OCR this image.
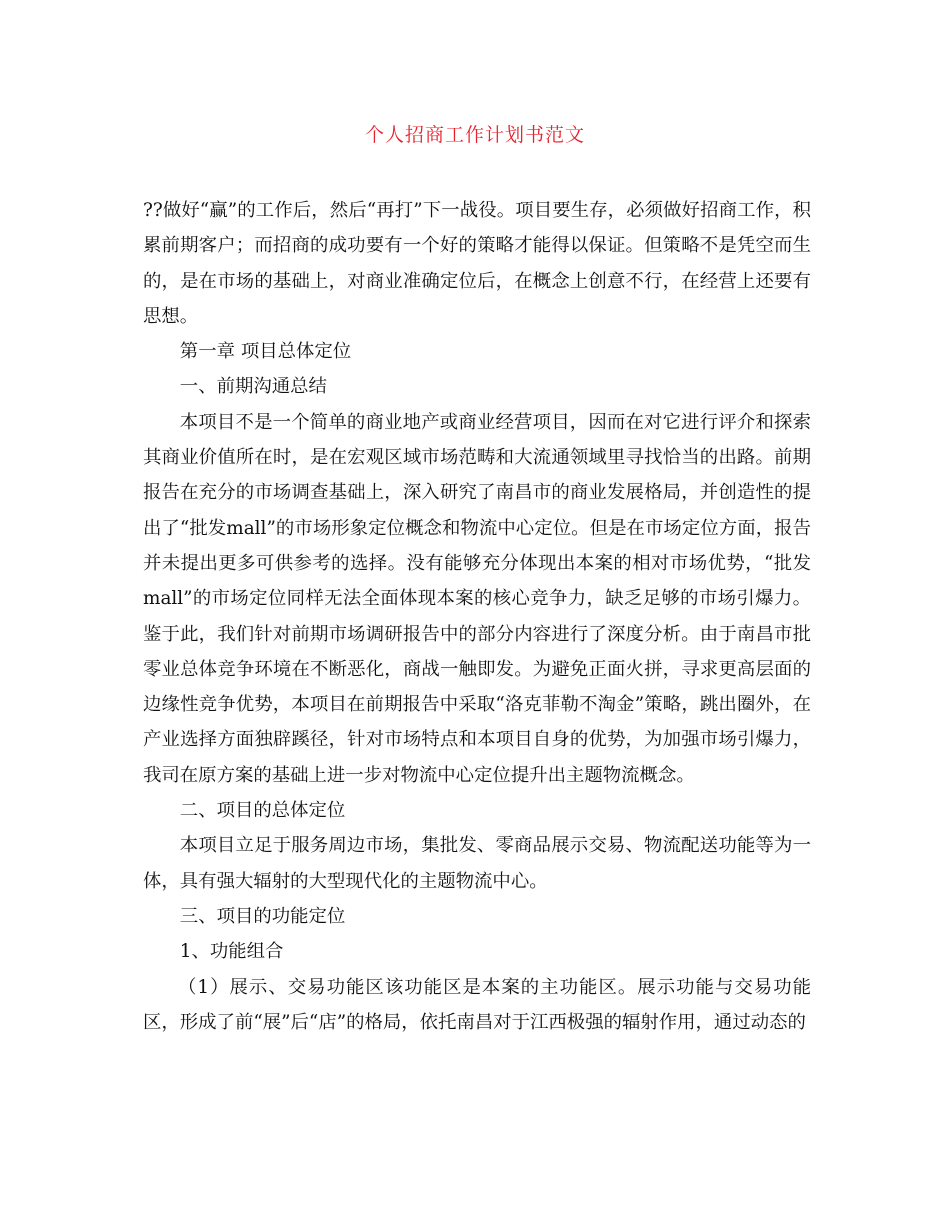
个人招商工作计划书范文

??做好“赢”的工作后，然后“再打”下一战役。项目要生存，必须做好招商工作，积累前期客户；而招商的成功要有一个好的策略才能得以保证。但策略不是凭空而生的，是在市场的基础上，对商业准确定位后，在概念上创意不行，在经营上还要有思想。

第一章 项目总体定位

一、前期沟通总结

本项目不是一个简单的商业地产或商业经营项目，因而在对它进行评介和探索其商业价值所在时，是在宏观区域市场范畴和大流通领域里寻找恰当的出路。前期报告在充分的市场调查基础上，深入研究了南昌市的商业发展格局，并创造性的提出了“批发mall”的市场形象定位概念和物流中心定位。但是在市场定位方面，报告并未提出更多可供参考的选择。没有能够充分体现出本案的相对市场优势，“批发mall”的市场定位同样无法全面体现本案的核心竞争力，缺乏足够的市场引爆力。鉴于此，我们针对前期市场调研报告中的部分内容进行了深度分析。由于南昌市批零业总体竞争环境在不断恶化，商战一触即发。为避免正面火拼，寻求更高层面的边缘性竞争优势，本项目在前期报告中采取“洛克菲勒不淘金”策略，跳出圈外，在产业选择方面独辟蹊径，针对市场特点和本项目自身的优势，为加强市场引爆力，我司在原方案的基础上进一步对物流中心定位提升出主题物流概念。

二、项目的总体定位

本项目立足于服务周边市场，集批发、零商品展示交易、物流配送功能等为一体，具有强大辐射的大型现代化的主题物流中心。

三、项目的功能定位

1、功能组合

（1）展示、交易功能区该功能区是本案的主功能区。展示功能与交易功能区，形成了前“展”后“店”的格局，依托南昌对于江西极强的辐射作用，通过动态的
